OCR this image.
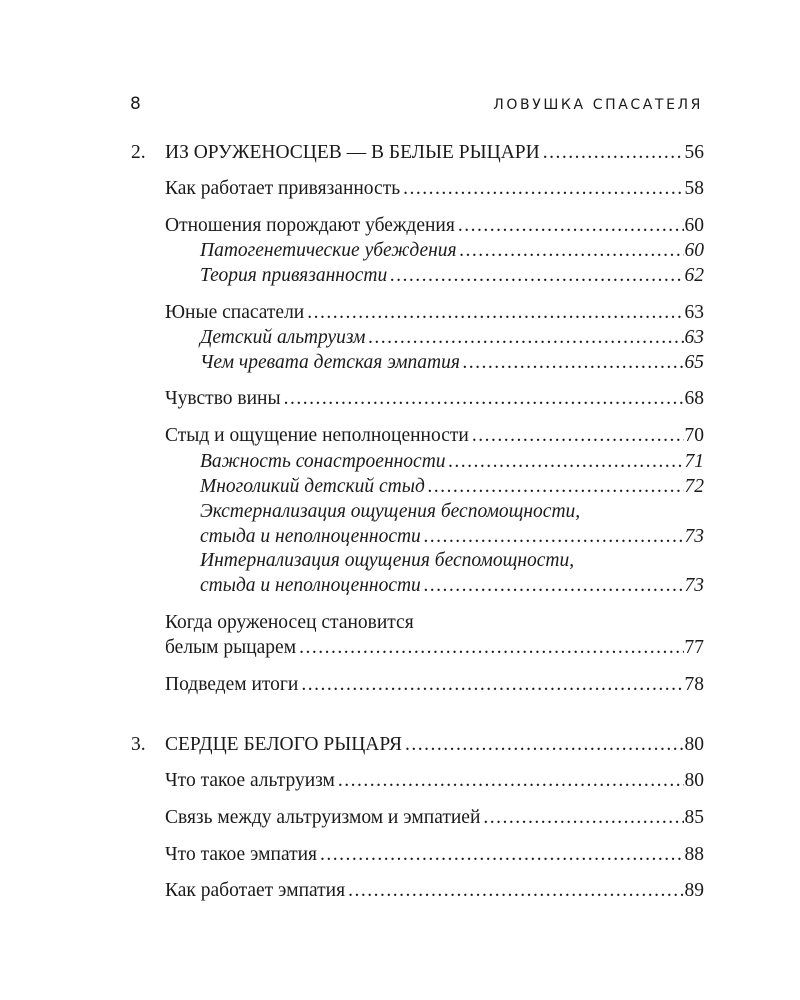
8	ЛОВУШКА СПАСАТЕЛЯ
2. ИЗ ОРУЖЕНОСЦЕВ — В БЕЛЫЕ РЫЦАРИ .....	56
Как работает привязанность .....	58
Отношения порождают убеждения .....	60
Патогенетические убеждения .....	60
Теория привязанности .....	62
Юные спасатели .....	63
Детский альтруизм .....	63
Чем чревата детская эмпатия .....	65
Чувство вины .....	68
Стыд и ощущение неполноценности .....	70
Важность сонастроенности .....	71
Многоликий детский стыд .....	72
Экстернализация ощущения беспомощности,
стыда и неполноценности .....	73
Интернализация ощущения беспомощности,
стыда и неполноценности .....	73
Когда оруженосец становится
белым рыцарем .....	77
Подведем итоги .....	78
3. СЕРДЦЕ БЕЛОГО РЫЦАРЯ .....	80
Что такое альтруизм .....	80
Связь между альтруизмом и эмпатией .....	85
Что такое эмпатия .....	88
Как работает эмпатия .....	89
